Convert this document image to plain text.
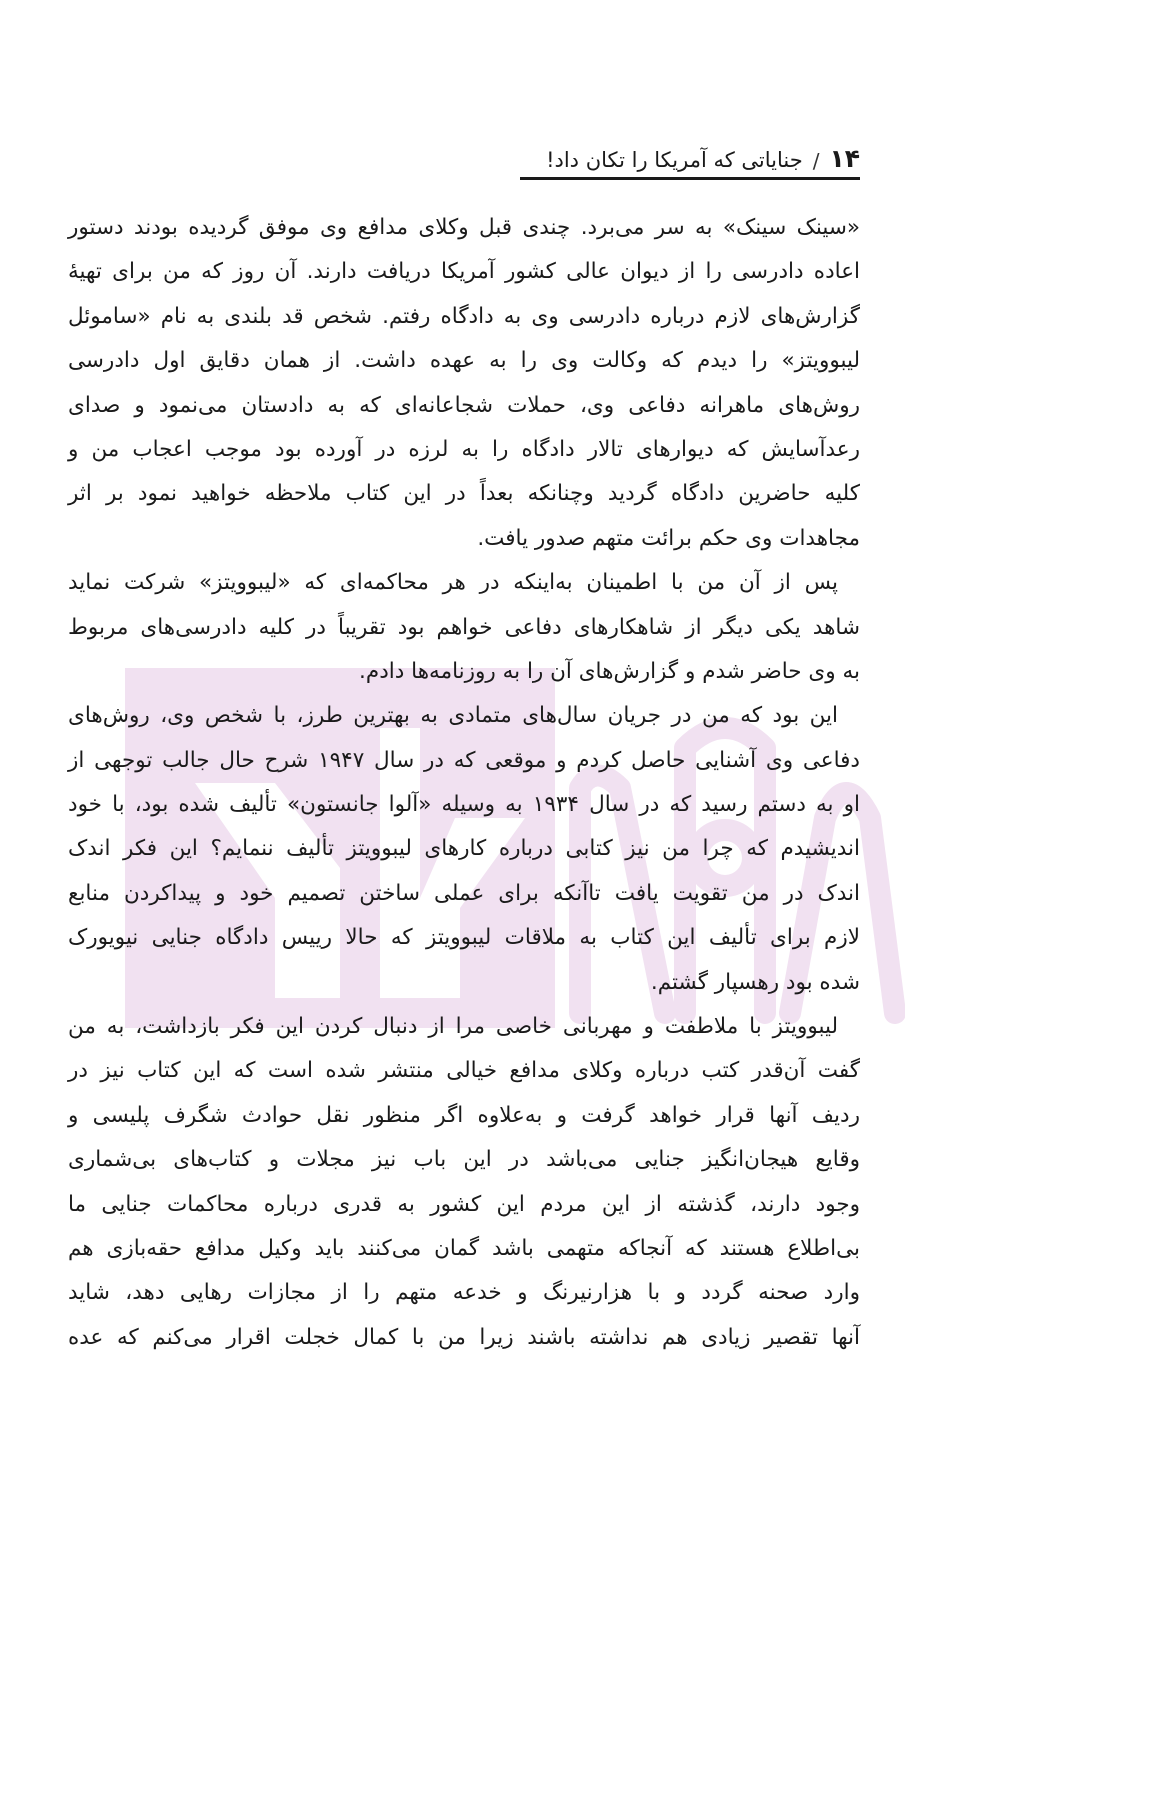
۱۴
/
جنایاتی که آمریکا را تکان داد!

«سینک سینک» به سر می‌برد. چندی قبل وکلای مدافع وی موفق گردیده بودند دستور
اعاده دادرسی را از دیوان عالی کشور آمریکا دریافت دارند. آن روز که من برای تهیهٔ
گزارش‌های لازم درباره دادرسی وی به دادگاه رفتم. شخص قد بلندی به نام «ساموئل
لیبوویتز» را دیدم که وکالت وی را به عهده داشت. از همان دقایق اول دادرسی
روش‌های ماهرانه دفاعی وی، حملات شجاعانه‌ای که به دادستان می‌نمود و صدای
رعدآسایش که دیوارهای تالار دادگاه را به لرزه در آورده بود موجب اعجاب من و
کلیه حاضرین دادگاه گردید وچنانکه بعداً در این کتاب ملاحظه خواهید نمود بر اثر
مجاهدات وی حکم برائت متهم صدور یافت.

پس از آن من با اطمینان به‌اینکه در هر محاکمه‌ای که «لیبوویتز» شرکت نماید
شاهد یکی دیگر از شاهکارهای دفاعی خواهم بود تقریباً در کلیه دادرسی‌های مربوط
به وی حاضر شدم و گزارش‌های آن را به روزنامه‌ها دادم.

این بود که من در جریان سال‌های متمادی به بهترین طرز، با شخص وی، روش‌های
دفاعی وی آشنایی حاصل کردم و موقعی که در سال ۱۹۴۷ شرح حال جالب توجهی از
او به دستم رسید که در سال ۱۹۳۴ به وسیله «آلوا جانستون» تألیف شده بود، با خود
اندیشیدم که چرا من نیز کتابی درباره کارهای لیبوویتز تألیف ننمایم؟ این فکر اندک
اندک در من تقویت یافت تاآنکه برای عملی ساختن تصمیم خود و پیداکردن منابع
لازم برای تألیف این کتاب به ملاقات لیبوویتز که حالا رییس دادگاه جنایی نیویورک
شده بود رهسپار گشتم.

لیبوویتز با ملاطفت و مهربانی خاصی مرا از دنبال کردن این فکر بازداشت، به من
گفت آن‌قدر کتب درباره وکلای مدافع خیالی منتشر شده است که این کتاب نیز در
ردیف آنها قرار خواهد گرفت و به‌علاوه اگر منظور نقل حوادث شگرف پلیسی و
وقایع هیجان‌انگیز جنایی می‌باشد در این باب نیز مجلات و کتاب‌های بی‌شماری
وجود دارند، گذشته از این مردم این کشور به قدری درباره محاکمات جنایی ما
بی‌اطلاع هستند که آنجاکه متهمی باشد گمان می‌کنند باید وکیل مدافع حقه‌بازی هم
وارد صحنه گردد و با هزارنیرنگ و خدعه متهم را از مجازات رهایی دهد، شاید
آنها تقصیر زیادی هم نداشته باشند زیرا من با کمال خجلت اقرار می‌کنم که عده
